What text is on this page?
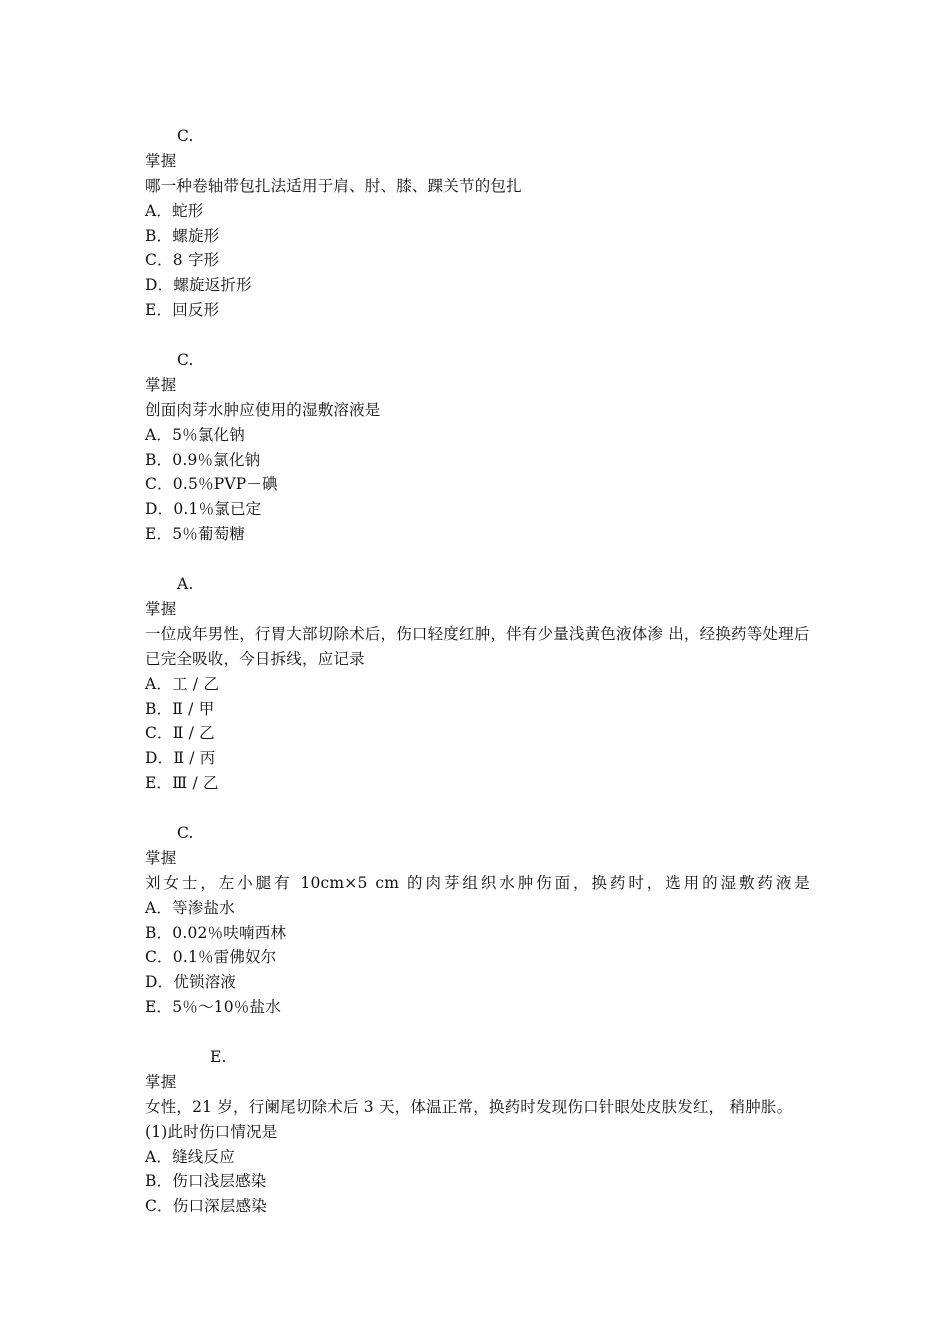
C.
掌握
哪一种卷轴带包扎法适用于肩、肘、膝、踝关节的包扎
A．蛇形
B．螺旋形
C．8 字形
D．螺旋返折形
E．回反形
C.
掌握
创面肉芽水肿应使用的湿敷溶液是
A．5％氯化钠
B．0.9％氯化钠
C．0.5％PVP－碘
D．0.1％氯已定
E．5％葡萄糖
A.
掌握
一位成年男性，行胃大部切除术后，伤口轻度红肿，伴有少量浅黄色液体渗 出，经换药等处理后已完全吸收，今日拆线，应记录
A．工 / 乙
B．Ⅱ / 甲
C．Ⅱ / 乙
D．Ⅱ / 丙
E．Ⅲ / 乙
C.
掌握
刘女士，左小腿有 10cm×5 cm 的肉芽组织水肿伤面，换药时，选用的湿敷药液是
A．等渗盐水
B．0.02％呋喃西林
C．0.1％雷佛奴尔
D．优锁溶液
E．5％～10％盐水
E.
掌握
女性，21 岁，行阑尾切除术后 3 天，体温正常，换药时发现伤口针眼处皮肤发红， 稍肿胀。
(1)此时伤口情况是
A．缝线反应
B．伤口浅层感染
C．伤口深层感染
